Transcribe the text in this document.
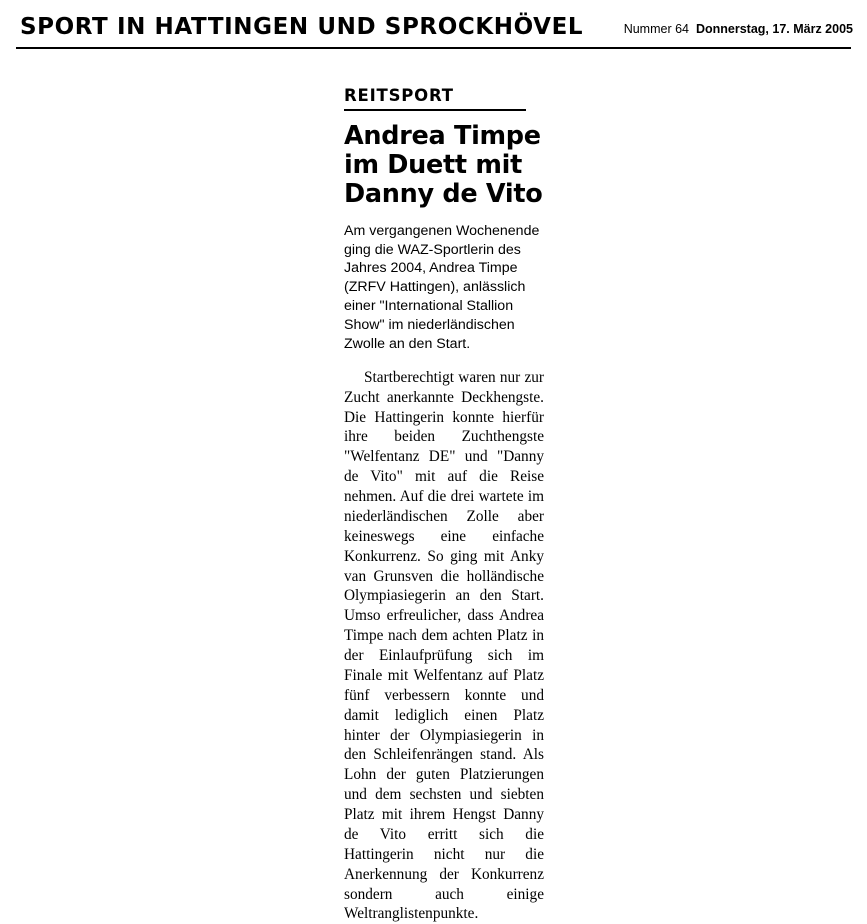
SPORT IN HATTINGEN UND SPROCKHÖVEL	Nummer 64 Donnerstag, 17. März 2005
REITSPORT
Andrea Timpe
im Duett mit
Danny de Vito

Am vergangenen Wochenende ging die WAZ-Sportlerin des Jahres 2004, Andrea Timpe (ZRFV Hattingen), anlässlich einer "International Stallion Show" im niederländischen Zwolle an den Start.

Startberechtigt waren nur zur Zucht anerkannte Deckhengste. Die Hattingerin konnte hierfür ihre beiden Zuchthengste "Welfentanz DE" und "Danny de Vito" mit auf die Reise nehmen. Auf die drei wartete im niederländischen Zolle aber keineswegs eine einfache Konkurrenz. So ging mit Anky van Grunsven die holländische Olympiasiegerin an den Start. Umso erfreulicher, dass Andrea Timpe nach dem achten Platz in der Einlaufprüfung sich im Finale mit Welfentanz auf Platz fünf verbessern konnte und damit lediglich einen Platz hinter der Olympiasiegerin in den Schleifenrängen stand. Als Lohn der guten Platzierungen und dem sechsten und siebten Platz mit ihrem Hengst Danny de Vito erritt sich die Hattingerin nicht nur die Anerkennung der Konkurrenz sondern auch einige Weltranglistenpunkte.
